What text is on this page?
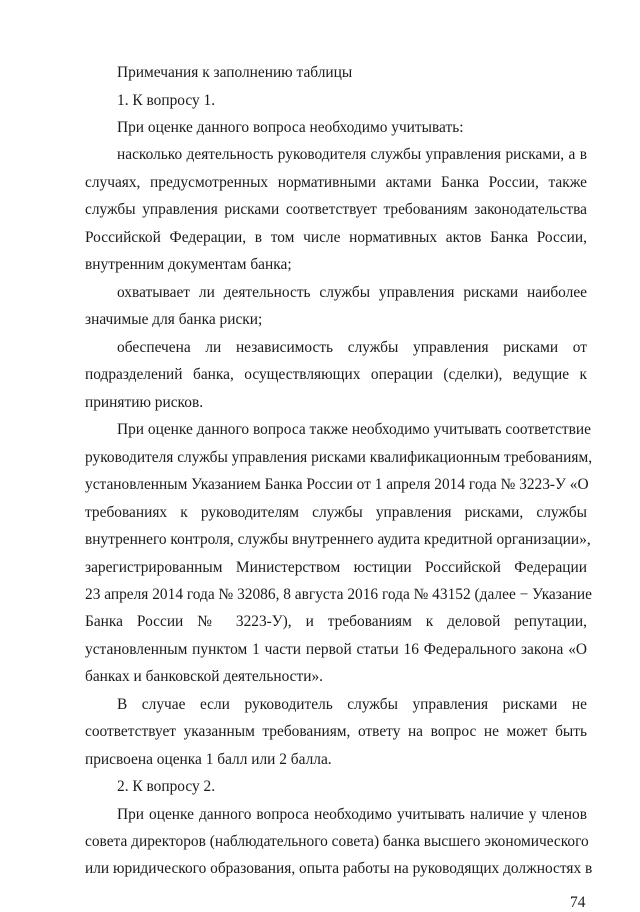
Примечания к заполнению таблицы
1. К вопросу 1.
При оценке данного вопроса необходимо учитывать:
насколько деятельность руководителя службы управления рисками, а в
случаях, предусмотренных нормативными актами Банка России, также
службы управления рисками соответствует требованиям законодательства
Российской Федерации, в том числе нормативных актов Банка России,
внутренним документам банка;
охватывает ли деятельность службы управления рисками наиболее
значимые для банка риски;
обеспечена ли независимость службы управления рисками от
подразделений банка, осуществляющих операции (сделки), ведущие к
принятию рисков.
При оценке данного вопроса также необходимо учитывать соответствие
руководителя службы управления рисками квалификационным требованиям,
установленным Указанием Банка России от 1 апреля 2014 года № 3223-У «О
требованиях к руководителям службы управления рисками, службы
внутреннего контроля, службы внутреннего аудита кредитной организации»,
зарегистрированным Министерством юстиции Российской Федерации
23 апреля 2014 года № 32086, 8 августа 2016 года № 43152 (далее − Указание
Банка России № 3223-У), и требованиям к деловой репутации,
установленным пунктом 1 части первой статьи 16 Федерального закона «О
банках и банковской деятельности».
В случае если руководитель службы управления рисками не
соответствует указанным требованиям, ответу на вопрос не может быть
присвоена оценка 1 балл или 2 балла.
2. К вопросу 2.
При оценке данного вопроса необходимо учитывать наличие у членов
совета директоров (наблюдательного совета) банка высшего экономического
или юридического образования, опыта работы на руководящих должностях в
74
